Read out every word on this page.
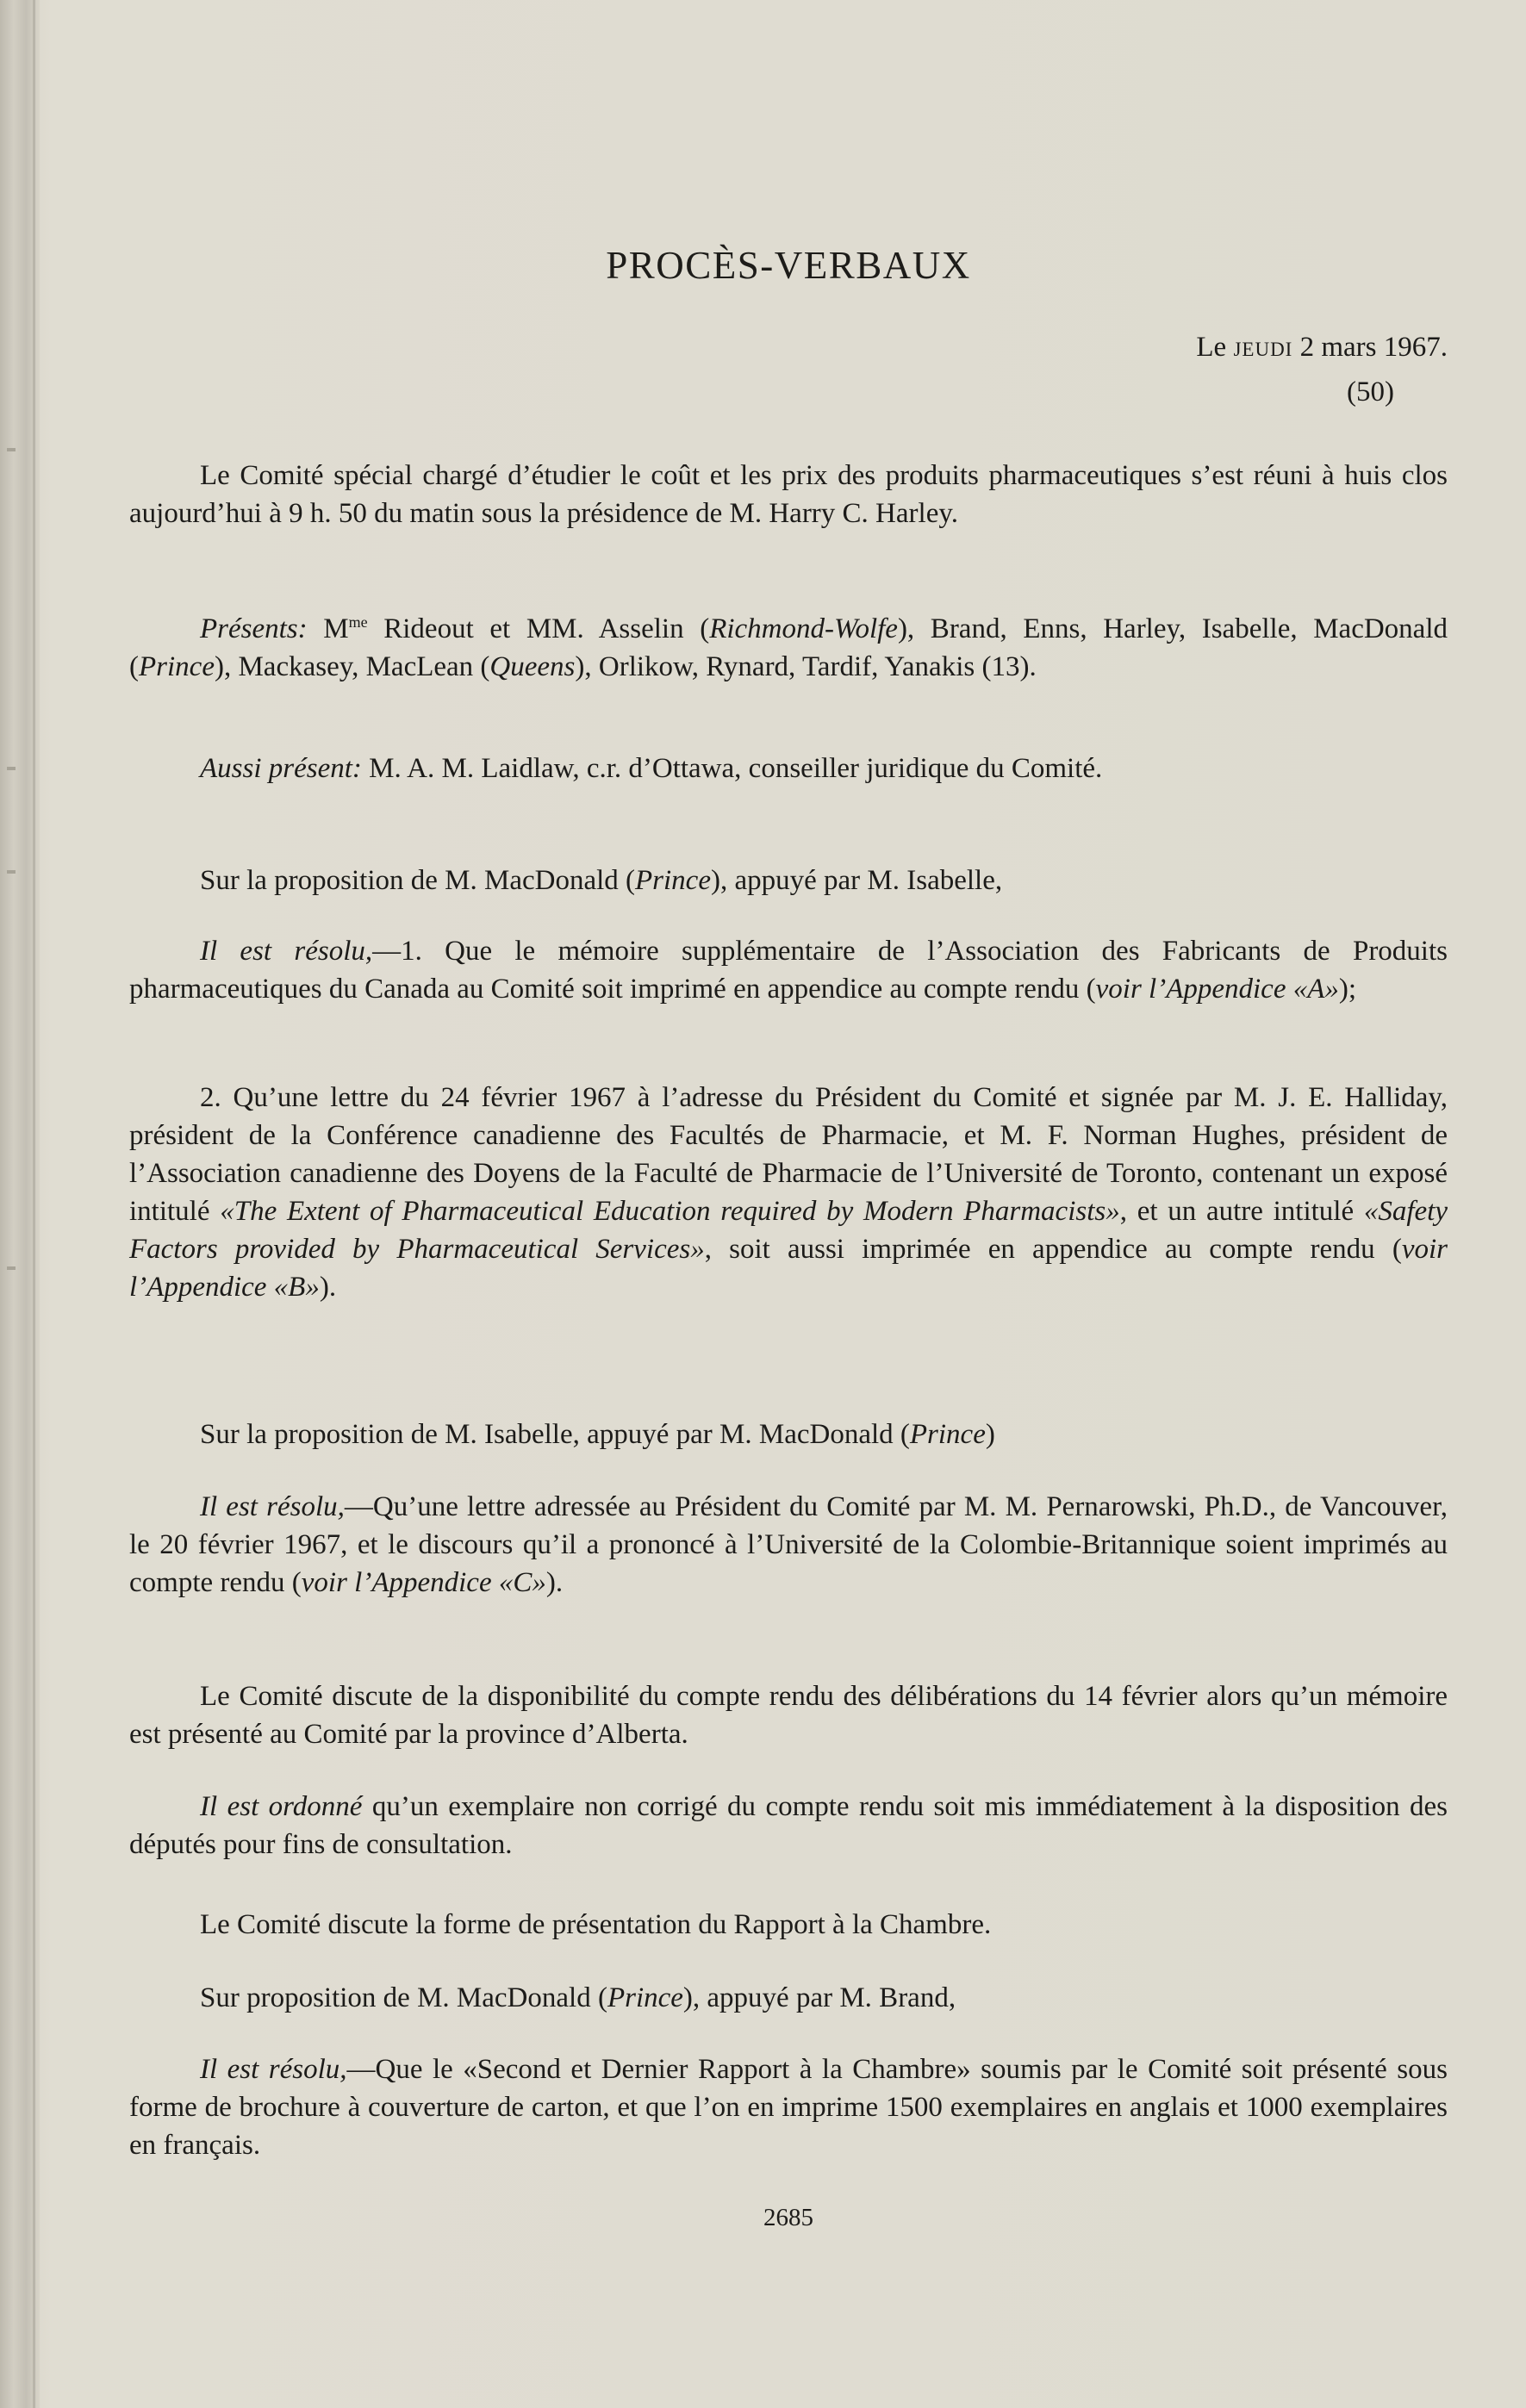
PROCÈS-VERBAUX
Le jeudi 2 mars 1967.
(50)

Le Comité spécial chargé d’étudier le coût et les prix des produits pharmaceutiques s’est réuni à huis clos aujourd’hui à 9 h. 50 du matin sous la présidence de M. Harry C. Harley.

Présents: $M^{me}$ Rideout et MM. Asselin (Richmond-Wolfe), Brand, Enns, Harley, Isabelle, MacDonald (Prince), Mackasey, MacLean (Queens), Orlikow, Rynard, Tardif, Yanakis (13).

Aussi présent: M. A. M. Laidlaw, c.r. d’Ottawa, conseiller juridique du Comité.

Sur la proposition de M. MacDonald (Prince), appuyé par M. Isabelle,

Il est résolu,—1. Que le mémoire supplémentaire de l’Association des Fabricants de Produits pharmaceutiques du Canada au Comité soit imprimé en appendice au compte rendu (voir l’Appendice «A»);

2. Qu’une lettre du 24 février 1967 à l’adresse du Président du Comité et signée par M. J. E. Halliday, président de la Conférence canadienne des Facultés de Pharmacie, et M. F. Norman Hughes, président de l’Association canadienne des Doyens de la Faculté de Pharmacie de l’Université de Toronto, contenant un exposé intitulé «The Extent of Pharmaceutical Education required by Modern Pharmacists», et un autre intitulé «Safety Factors provided by Pharmaceutical Services», soit aussi imprimée en appendice au compte rendu (voir l’Appendice «B»).

Sur la proposition de M. Isabelle, appuyé par M. MacDonald (Prince)

Il est résolu,—Qu’une lettre adressée au Président du Comité par M. M. Pernarowski, Ph.D., de Vancouver, le 20 février 1967, et le discours qu’il a prononcé à l’Université de la Colombie-Britannique soient imprimés au compte rendu (voir l’Appendice «C»).

Le Comité discute de la disponibilité du compte rendu des délibérations du 14 février alors qu’un mémoire est présenté au Comité par la province d’Alberta.

Il est ordonné qu’un exemplaire non corrigé du compte rendu soit mis immédiatement à la disposition des députés pour fins de consultation.

Le Comité discute la forme de présentation du Rapport à la Chambre.

Sur proposition de M. MacDonald (Prince), appuyé par M. Brand,

Il est résolu,—Que le «Second et Dernier Rapport à la Chambre» soumis par le Comité soit présenté sous forme de brochure à couverture de carton, et que l’on en imprime 1500 exemplaires en anglais et 1000 exemplaires en français.

2685
